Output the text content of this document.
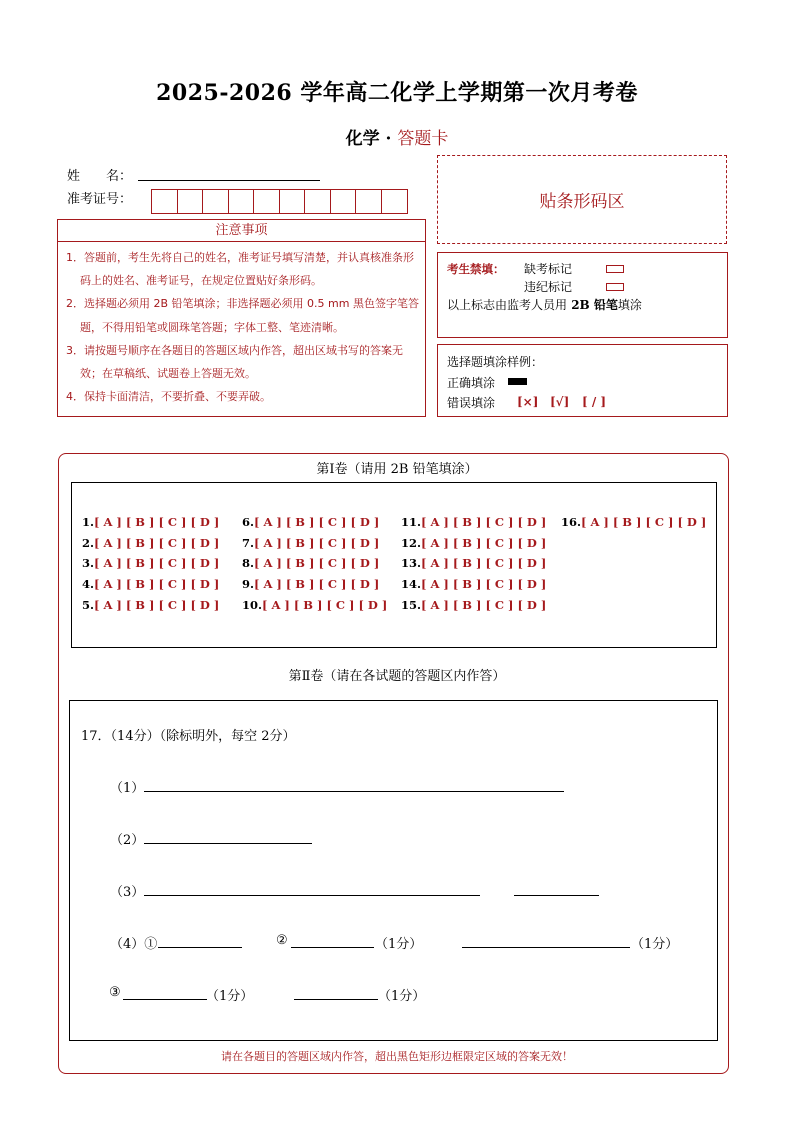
2025-2026 学年高二化学上学期第一次月考卷
化学 · 答题卡
姓　　名：
准考证号：	贴条形码区
注意事项

1．答题前，考生先将自己的姓名，准考证号填写清楚，并认真核准条形码上的姓名、准考证号，在规定位置贴好条形码。

2．选择题必须用 2B 铅笔填涂；非选择题必须用 0.5 mm 黑色签字笔答题，不得用铅笔或圆珠笔答题；字体工整、笔迹清晰。

3．请按题号顺序在各题目的答题区域内作答，超出区域书写的答案无效；在草稿纸、试题卷上答题无效。

4．保持卡面清洁，不要折叠、不要弄破。

考生禁填： 缺考标记
违纪标记
以上标志由监考人员用 2B 铅笔填涂
选择题填涂样例：
正确填涂
错误填涂 [×] [√] [ / ]
第Ⅰ卷（请用 2B 铅笔填涂）
1.[ A ] [ B ] [ C ] [ D ]
2.[ A ] [ B ] [ C ] [ D ]
3.[ A ] [ B ] [ C ] [ D ]
4.[ A ] [ B ] [ C ] [ D ]
5.[ A ] [ B ] [ C ] [ D ]
6.[ A ] [ B ] [ C ] [ D ]
7.[ A ] [ B ] [ C ] [ D ]
8.[ A ] [ B ] [ C ] [ D ]
9.[ A ] [ B ] [ C ] [ D ]
10.[ A ] [ B ] [ C ] [ D ]
11.[ A ] [ B ] [ C ] [ D ]
12.[ A ] [ B ] [ C ] [ D ]
13.[ A ] [ B ] [ C ] [ D ]
14.[ A ] [ B ] [ C ] [ D ]
15.[ A ] [ B ] [ C ] [ D ]
16.[ A ] [ B ] [ C ] [ D ]
第Ⅱ卷（请在各试题的答题区内作答）
17．（14分）（除标明外，每空 2分）
（1）
（2）
（3）
（4）①	②	（1分）	（1分）
③	（1分）	（1分）
请在各题目的答题区域内作答，超出黑色矩形边框限定区域的答案无效！
